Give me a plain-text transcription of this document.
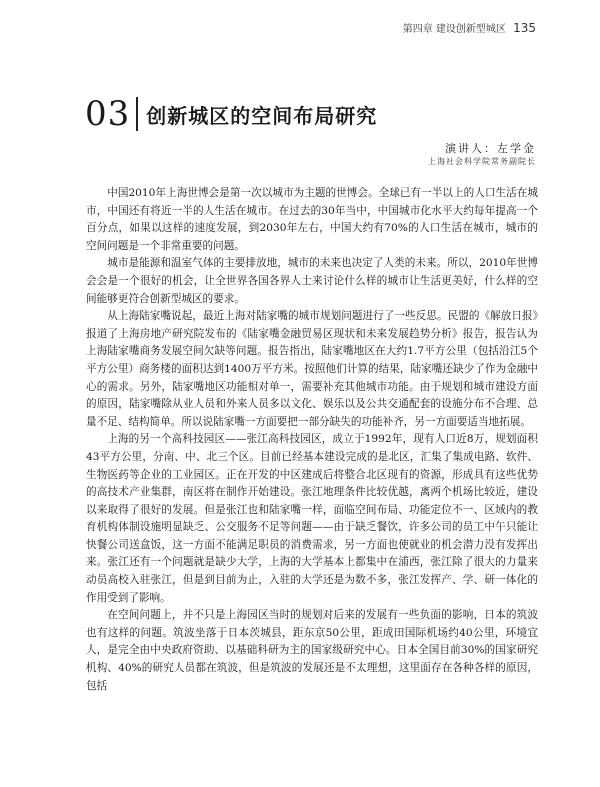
第四章 建设创新型城区 135
03 创新城区的空间布局研究
演讲人：左学金
上海社会科学院常务副院长

中国2010年上海世博会是第一次以城市为主题的世博会。全球已有一半以上的人口生活在城市，中国还有将近一半的人生活在城市。在过去的30年当中，中国城市化水平大约每年提高一个百分点，如果以这样的速度发展，到2030年左右，中国大约有70%的人口生活在城市，城市的空间问题是一个非常重要的问题。

城市是能源和温室气体的主要排放地，城市的未来也决定了人类的未来。所以，2010年世博会会是一个很好的机会，让全世界各国各界人士来讨论什么样的城市让生活更美好，什么样的空间能够更符合创新型城区的要求。

从上海陆家嘴说起，最近上海对陆家嘴的城市规划问题进行了一些反思。民盟的《解放日报》报道了上海房地产研究院发布的《陆家嘴金融贸易区现状和未来发展趋势分析》报告，报告认为上海陆家嘴商务发展空间欠缺等问题。报告指出，陆家嘴地区在大约1.7平方公里（包括沿江5个平方公里）商务楼的面积达到1400万平方米。按照他们计算的结果，陆家嘴还缺少了作为金融中心的需求。另外，陆家嘴地区功能相对单一，需要补充其他城市功能。由于规划和城市建设方面的原因，陆家嘴除从业人员和外来人员多以文化、娱乐以及公共交通配套的设施分布不合理、总量不足、结构简单。所以说陆家嘴一方面要把一部分缺失的功能补齐，另一方面要适当地拓展。

上海的另一个高科技园区——张江高科技园区，成立于1992年，现有人口近8万，规划面积43平方公里，分南、中、北三个区。目前已经基本建设完成的是北区，汇集了集成电路、软件、生物医药等企业的工业园区。正在开发的中区建成后将整合北区现有的资源，形成具有这些优势的高技术产业集群，南区将在制作开始建设。张江地理条件比较优越，离两个机场比较近，建设以来取得了很好的发展。但是张江也和陆家嘴一样，面临空间布局、功能定位不一、区域内的教育机构体制设施明显缺乏、公交服务不足等问题——由于缺乏餐饮，许多公司的员工中午只能让快餐公司送盒饭，这一方面不能满足职员的消费需求，另一方面也使就业的机会潜力没有发挥出来。张江还有一个问题就是缺少大学，上海的大学基本上都集中在浦西，张江除了很大的力量来动员高校入驻张江，但是到目前为止，入驻的大学还是为数不多，张江发挥产、学、研一体化的作用受到了影响。

在空间问题上，并不只是上海园区当时的规划对后来的发展有一些负面的影响，日本的筑波也有这样的问题。筑波坐落于日本茨城县，距东京50公里，距成田国际机场约40公里，环境宜人，是完全由中央政府资助、以基础科研为主的国家级研究中心。日本全国目前30%的国家研究机构、40%的研究人员都在筑波，但是筑波的发展还是不太理想，这里面存在各种各样的原因，包括
